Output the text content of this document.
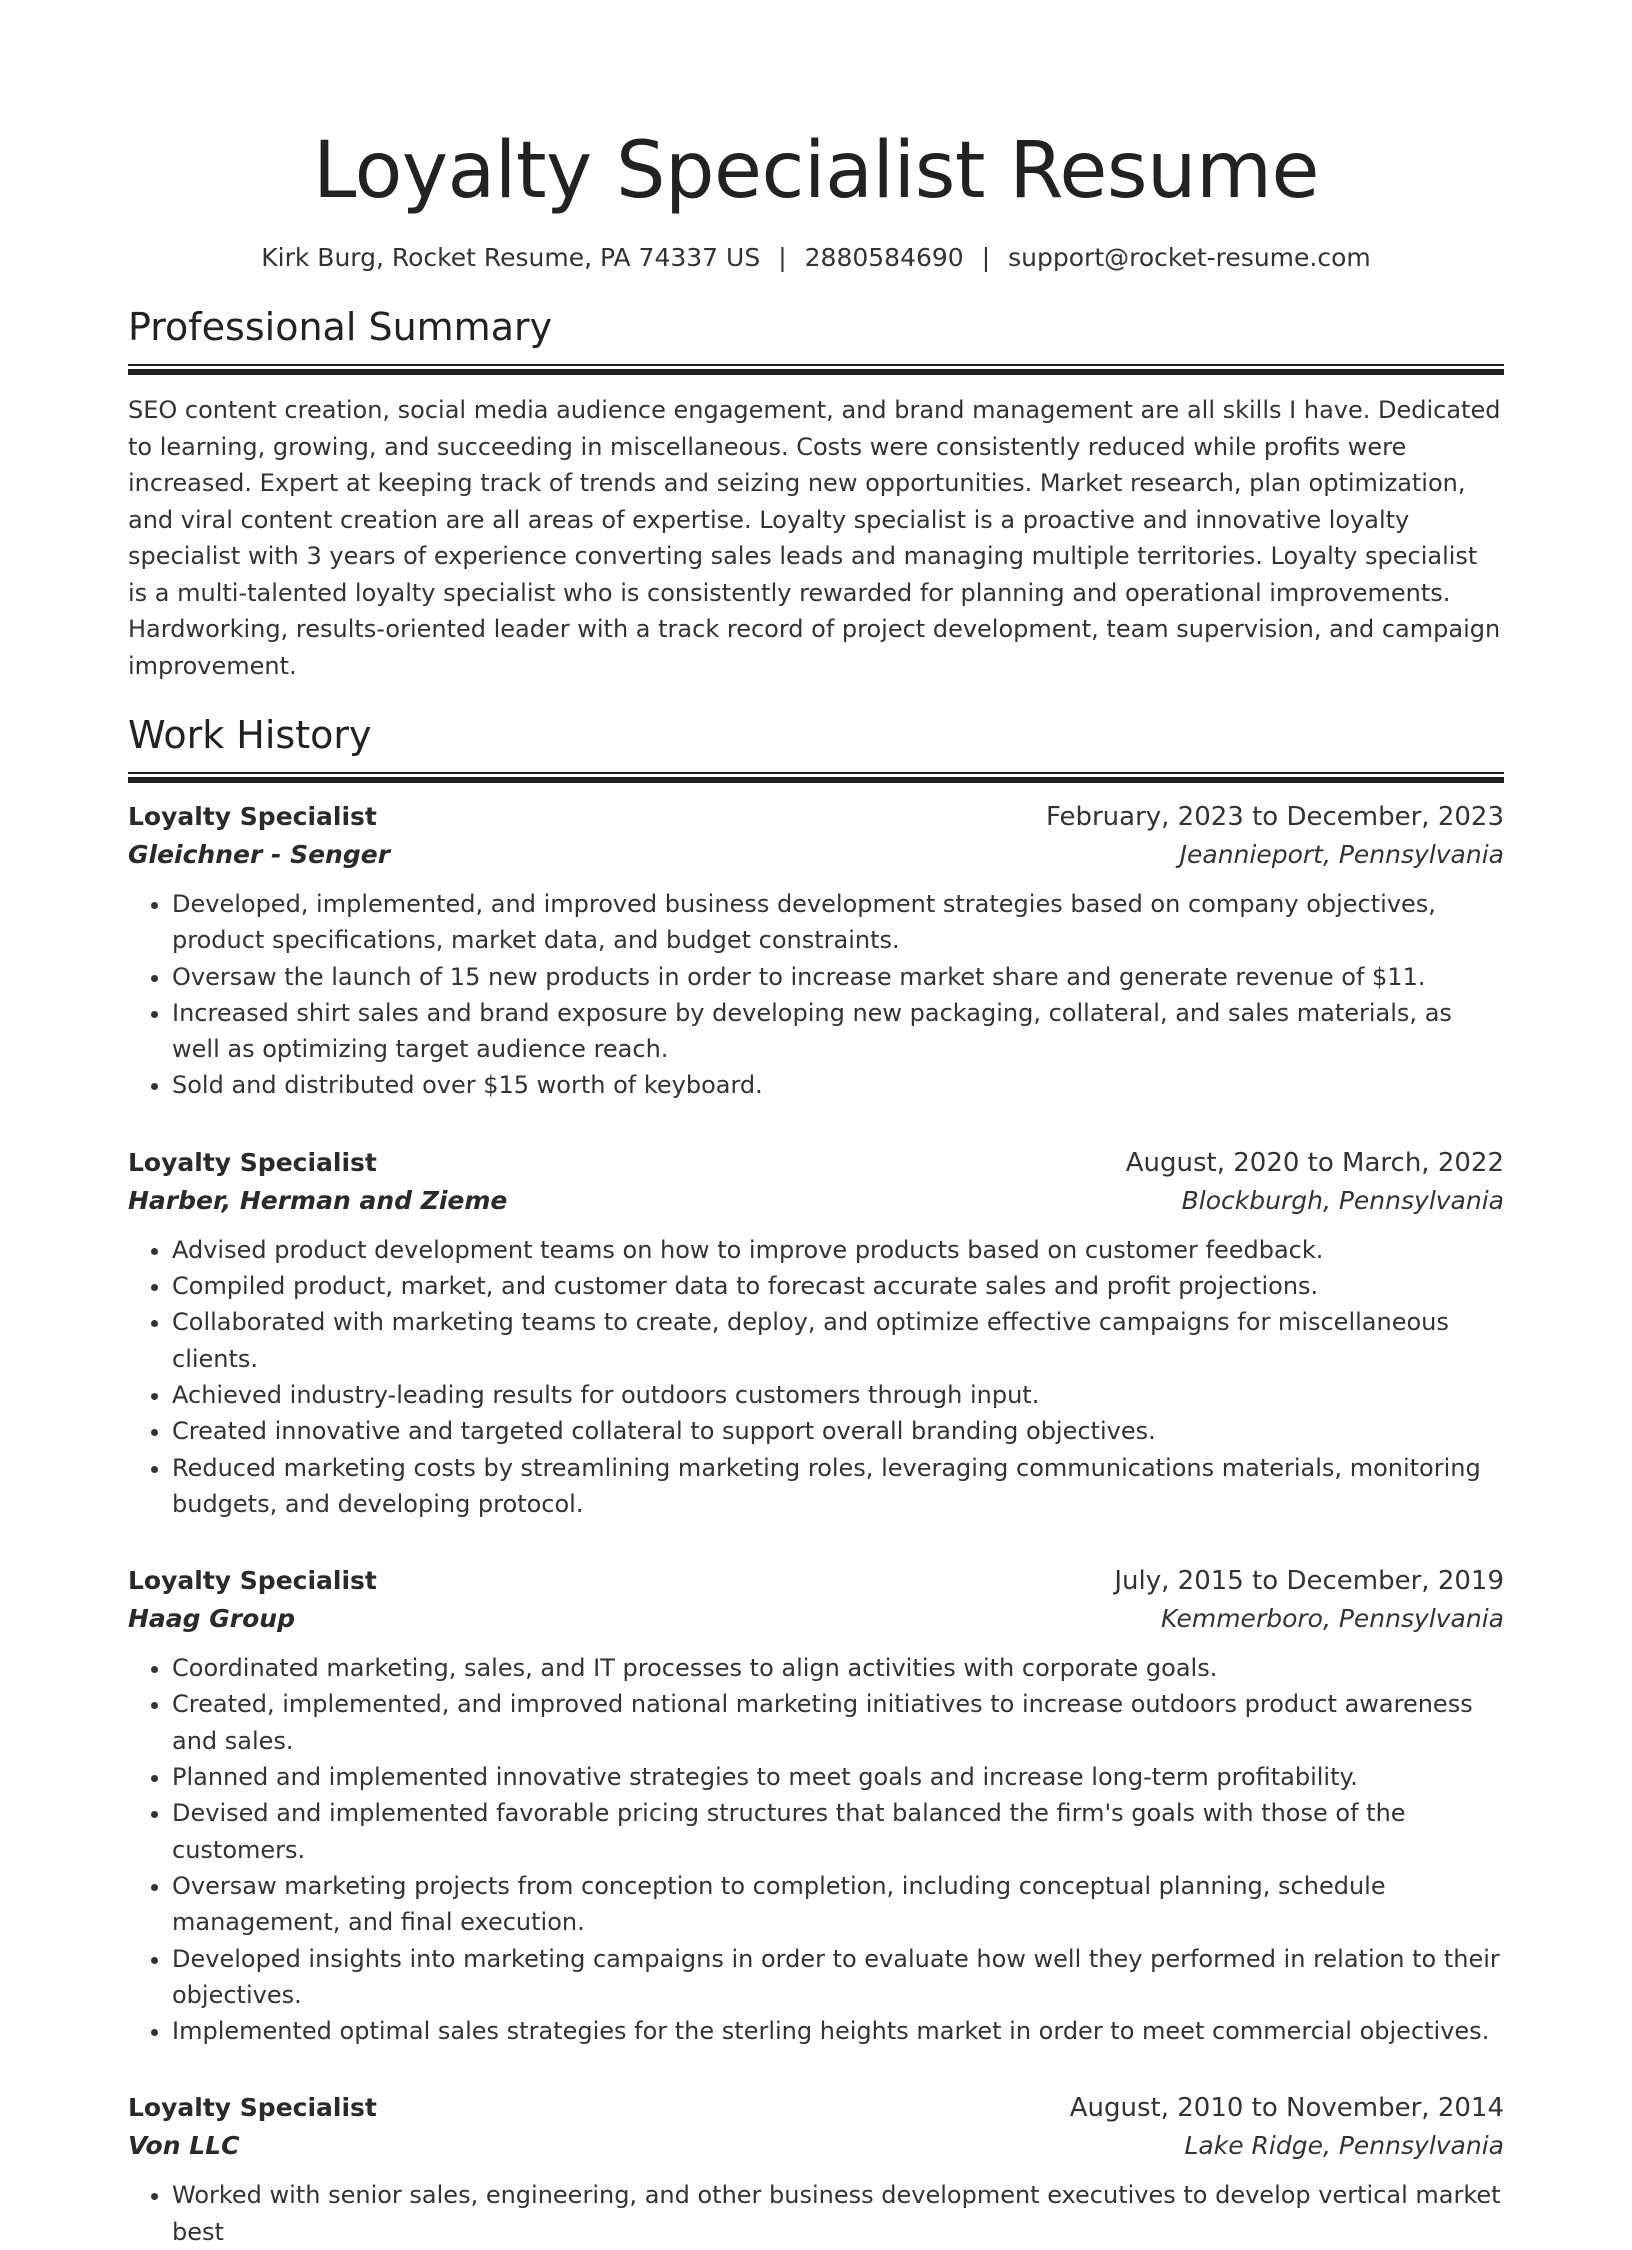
Loyalty Specialist Resume
Kirk Burg, Rocket Resume, PA 74337 US | 2880584690 | support@rocket-resume.com
Professional Summary
SEO content creation, social media audience engagement, and brand management are all skills I have. Dedicated to learning, growing, and succeeding in miscellaneous. Costs were consistently reduced while profits were increased. Expert at keeping track of trends and seizing new opportunities. Market research, plan optimization, and viral content creation are all areas of expertise. Loyalty specialist is a proactive and innovative loyalty specialist with 3 years of experience converting sales leads and managing multiple territories. Loyalty specialist is a multi-talented loyalty specialist who is consistently rewarded for planning and operational improvements. Hardworking, results-oriented leader with a track record of project development, team supervision, and campaign improvement.
Work History
Loyalty Specialist	February, 2023 to December, 2023
Gleichner - Senger	Jeannieport, Pennsylvania
• Developed, implemented, and improved business development strategies based on company objectives, product specifications, market data, and budget constraints.
• Oversaw the launch of 15 new products in order to increase market share and generate revenue of $11.
• Increased shirt sales and brand exposure by developing new packaging, collateral, and sales materials, as well as optimizing target audience reach.
• Sold and distributed over $15 worth of keyboard.
Loyalty Specialist	August, 2020 to March, 2022
Harber, Herman and Zieme	Blockburgh, Pennsylvania
• Advised product development teams on how to improve products based on customer feedback.
• Compiled product, market, and customer data to forecast accurate sales and profit projections.
• Collaborated with marketing teams to create, deploy, and optimize effective campaigns for miscellaneous clients.
• Achieved industry-leading results for outdoors customers through input.
• Created innovative and targeted collateral to support overall branding objectives.
• Reduced marketing costs by streamlining marketing roles, leveraging communications materials, monitoring budgets, and developing protocol.
Loyalty Specialist	July, 2015 to December, 2019
Haag Group	Kemmerboro, Pennsylvania
• Coordinated marketing, sales, and IT processes to align activities with corporate goals.
• Created, implemented, and improved national marketing initiatives to increase outdoors product awareness and sales.
• Planned and implemented innovative strategies to meet goals and increase long-term profitability.
• Devised and implemented favorable pricing structures that balanced the firm's goals with those of the customers.
• Oversaw marketing projects from conception to completion, including conceptual planning, schedule management, and final execution.
• Developed insights into marketing campaigns in order to evaluate how well they performed in relation to their objectives.
• Implemented optimal sales strategies for the sterling heights market in order to meet commercial objectives.
Loyalty Specialist	August, 2010 to November, 2014
Von LLC	Lake Ridge, Pennsylvania
• Worked with senior sales, engineering, and other business development executives to develop vertical market best
